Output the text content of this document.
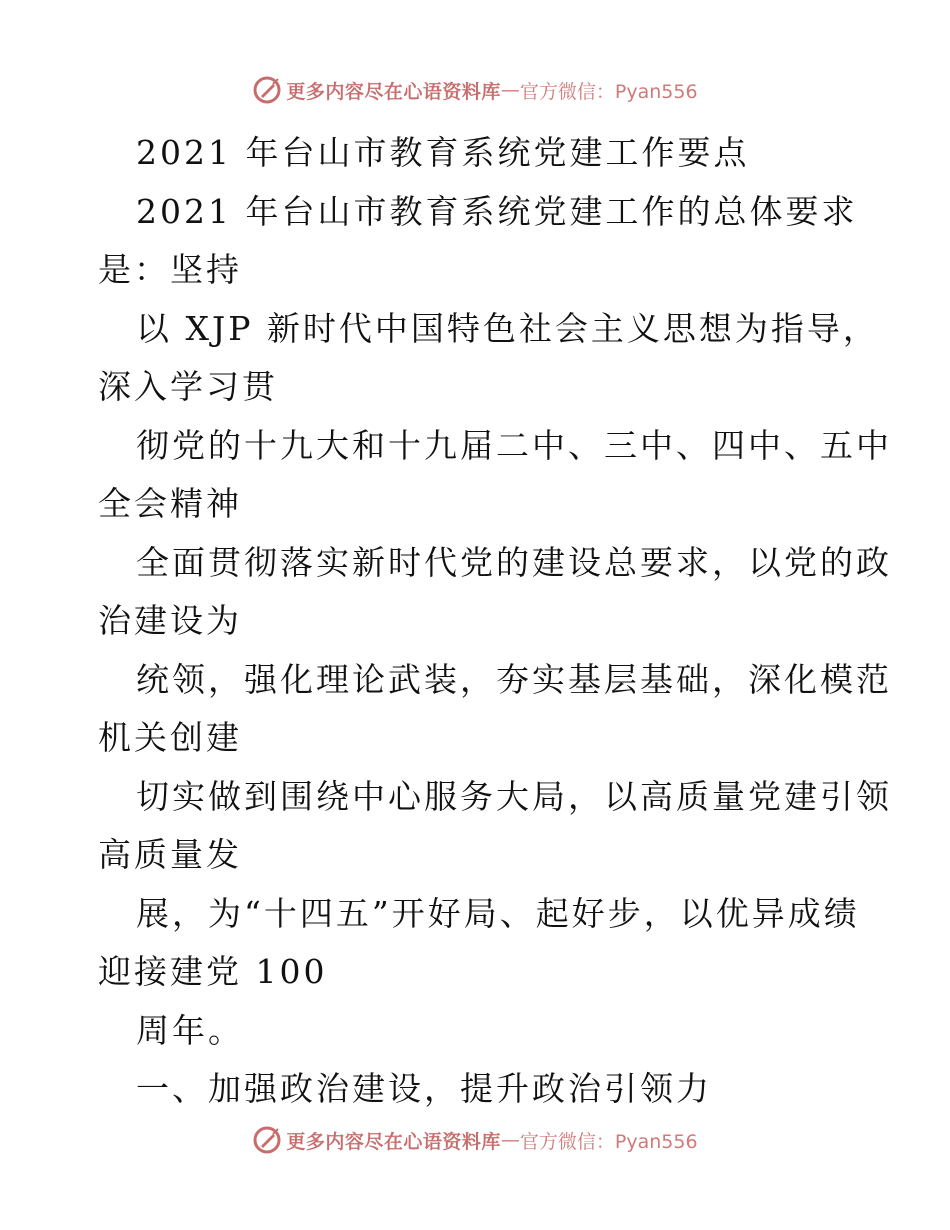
更多内容尽在心语资料库 — 官方微信：Pyan556
2021 年台山市教育系统党建工作要点
2021 年台山市教育系统党建工作的总体要求
是：坚持
以 XJP 新时代中国特色社会主义思想为指导，
深入学习贯
彻党的十九大和十九届二中、三中、四中、五中
全会精神
全面贯彻落实新时代党的建设总要求，以党的政
治建设为
统领，强化理论武装，夯实基层基础，深化模范
机关创建
切实做到围绕中心服务大局，以高质量党建引领
高质量发
展，为“十四五”开好局、起好步，以优异成绩
迎接建党 100
周年。
一、加强政治建设，提升政治引领力
更多内容尽在心语资料库 — 官方微信：Pyan556
